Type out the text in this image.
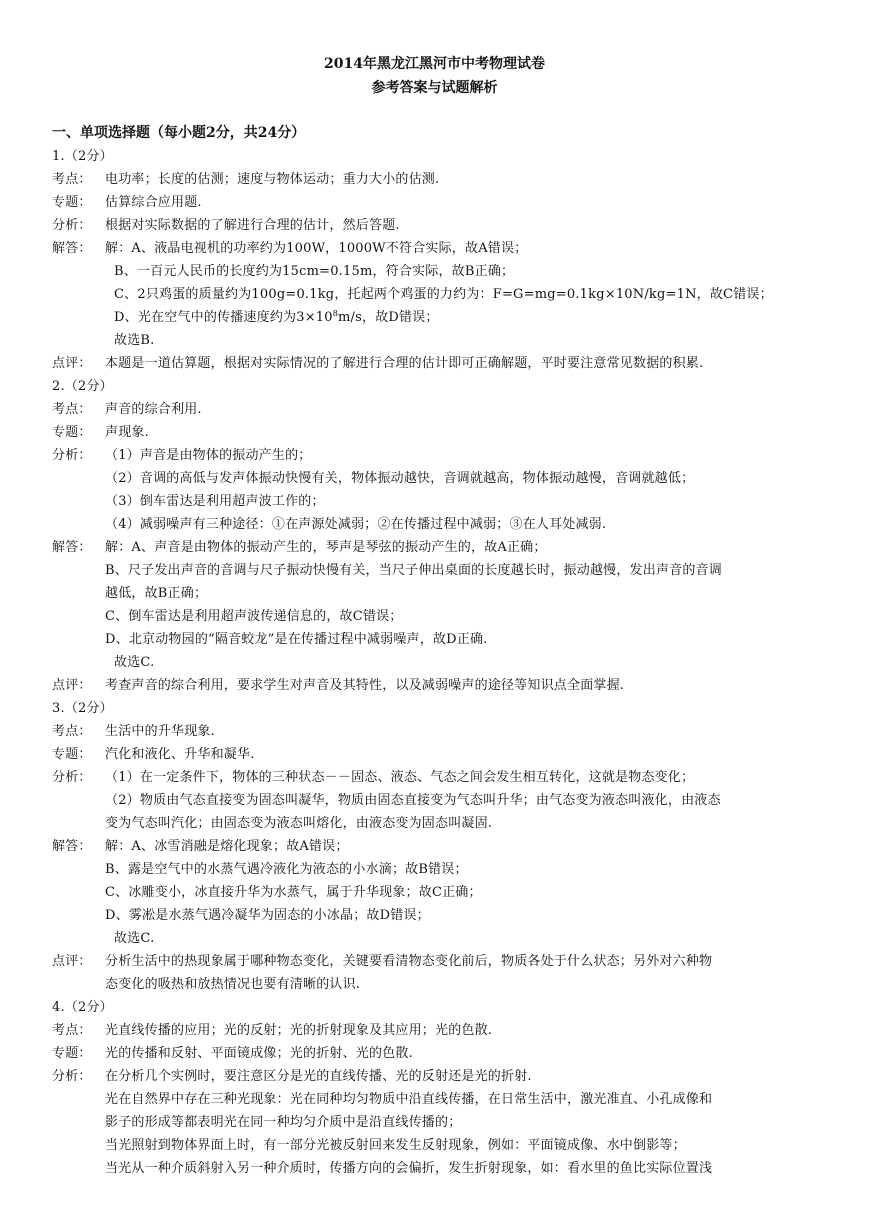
2014年黑龙江黑河市中考物理试卷
参考答案与试题解析
一、单项选择题（每小题2分，共24分）
1.（2分）
考点： 电功率；长度的估测；速度与物体运动；重力大小的估测.
专题： 估算综合应用题.
分析： 根据对实际数据的了解进行合理的估计，然后答题.
解答： 解：A、液晶电视机的功率约为100W，1000W不符合实际，故A错误；
B、一百元人民币的长度约为15cm=0.15m，符合实际，故B正确；
C、2只鸡蛋的质量约为100g=0.1kg，托起两个鸡蛋的力约为：F=G=mg=0.1kg×10N/kg=1N，故C错误；
D、光在空气中的传播速度约为$3\times 10^8m/s$，故D错误；
故选B.
点评： 本题是一道估算题，根据对实际情况的了解进行合理的估计即可正确解题，平时要注意常见数据的积累.
2.（2分）
考点： 声音的综合利用.
专题： 声现象.
分析： （1）声音是由物体的振动产生的；
（2）音调的高低与发声体振动快慢有关，物体振动越快，音调就越高，物体振动越慢，音调就越低；
（3）倒车雷达是利用超声波工作的；
（4）减弱噪声有三种途径：①在声源处减弱；②在传播过程中减弱；③在人耳处减弱.
解答： 解：A、声音是由物体的振动产生的，琴声是琴弦的振动产生的，故A正确；
B、尺子发出声音的音调与尺子振动快慢有关，当尺子伸出桌面的长度越长时，振动越慢，发出声音的音调
越低，故B正确；
C、倒车雷达是利用超声波传递信息的，故C错误；
D、北京动物园的“隔音蛟龙”是在传播过程中减弱噪声，故D正确.
故选C.
点评： 考查声音的综合利用，要求学生对声音及其特性，以及减弱噪声的途径等知识点全面掌握.
3.（2分）
考点： 生活中的升华现象.
专题： 汽化和液化、升华和凝华.
分析： （1）在一定条件下，物体的三种状态－－固态、液态、气态之间会发生相互转化，这就是物态变化；
（2）物质由气态直接变为固态叫凝华，物质由固态直接变为气态叫升华；由气态变为液态叫液化，由液态
变为气态叫汽化；由固态变为液态叫熔化，由液态变为固态叫凝固.
解答： 解：A、冰雪消融是熔化现象；故A错误；
B、露是空气中的水蒸气遇冷液化为液态的小水滴；故B错误；
C、冰雕变小，冰直接升华为水蒸气，属于升华现象；故C正确；
D、雾凇是水蒸气遇冷凝华为固态的小冰晶；故D错误；
故选C.
点评： 分析生活中的热现象属于哪种物态变化，关键要看清物态变化前后，物质各处于什么状态；另外对六种物
态变化的吸热和放热情况也要有清晰的认识.
4.（2分）
考点： 光直线传播的应用；光的反射；光的折射现象及其应用；光的色散.
专题： 光的传播和反射、平面镜成像；光的折射、光的色散.
分析： 在分析几个实例时，要注意区分是光的直线传播、光的反射还是光的折射.
光在自然界中存在三种光现象：光在同种均匀物质中沿直线传播，在日常生活中，激光准直、小孔成像和
影子的形成等都表明光在同一种均匀介质中是沿直线传播的；
当光照射到物体界面上时，有一部分光被反射回来发生反射现象，例如：平面镜成像、水中倒影等；
当光从一种介质斜射入另一种介质时，传播方向的会偏折，发生折射现象，如：看水里的鱼比实际位置浅
